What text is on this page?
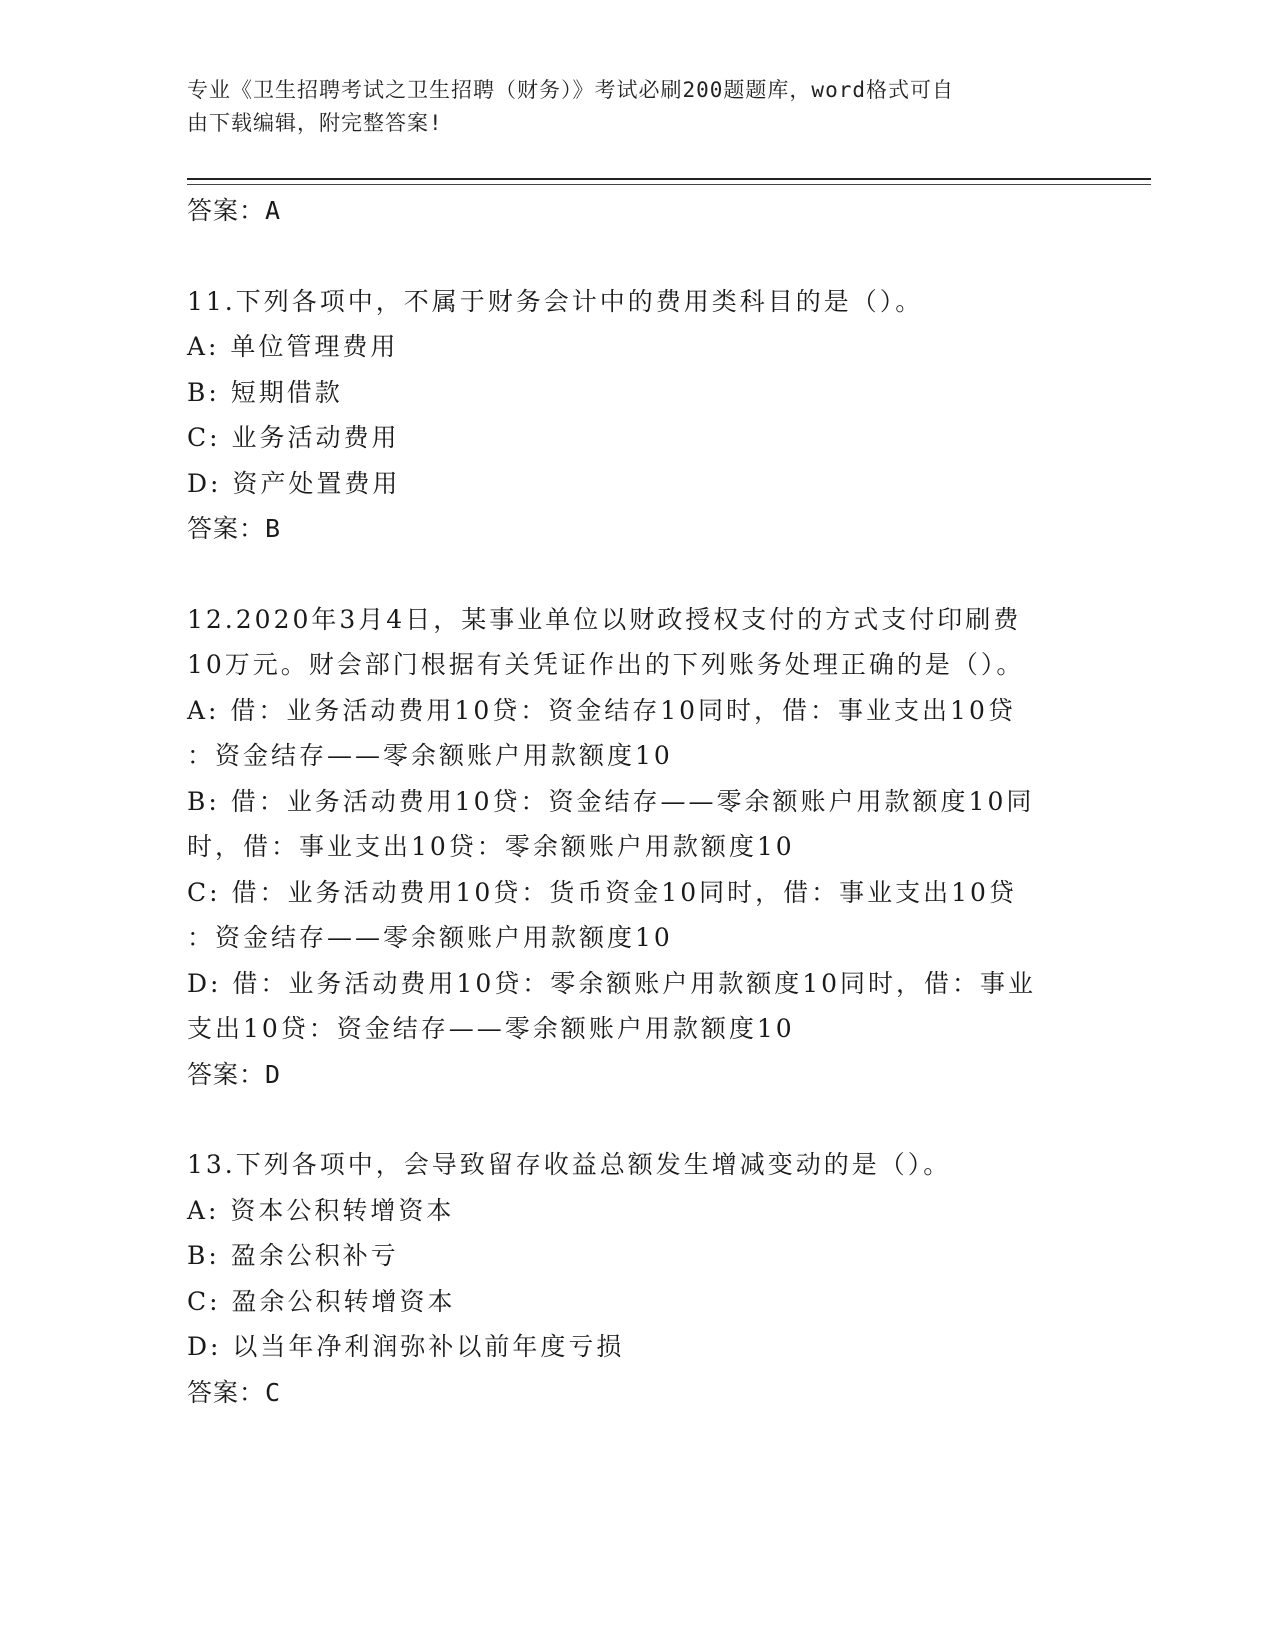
专业《卫生招聘考试之卫生招聘（财务）》考试必刷200题题库，word格式可自
由下载编辑，附完整答案!
答案：A
11.下列各项中，不属于财务会计中的费用类科目的是（）。
A: 单位管理费用
B: 短期借款
C: 业务活动费用
D: 资产处置费用
答案：B
12.2020年3月4日，某事业单位以财政授权支付的方式支付印刷费
10万元。财会部门根据有关凭证作出的下列账务处理正确的是（）。
A: 借：业务活动费用10贷：资金结存10同时，借：事业支出10贷
：资金结存——零余额账户用款额度10
B: 借：业务活动费用10贷：资金结存——零余额账户用款额度10同
时，借：事业支出10贷：零余额账户用款额度10
C: 借：业务活动费用10贷：货币资金10同时，借：事业支出10贷
：资金结存——零余额账户用款额度10
D: 借：业务活动费用10贷：零余额账户用款额度10同时，借：事业
支出10贷：资金结存——零余额账户用款额度10
答案：D
13.下列各项中，会导致留存收益总额发生增减变动的是（）。
A: 资本公积转增资本
B: 盈余公积补亏
C: 盈余公积转增资本
D: 以当年净利润弥补以前年度亏损
答案：C
